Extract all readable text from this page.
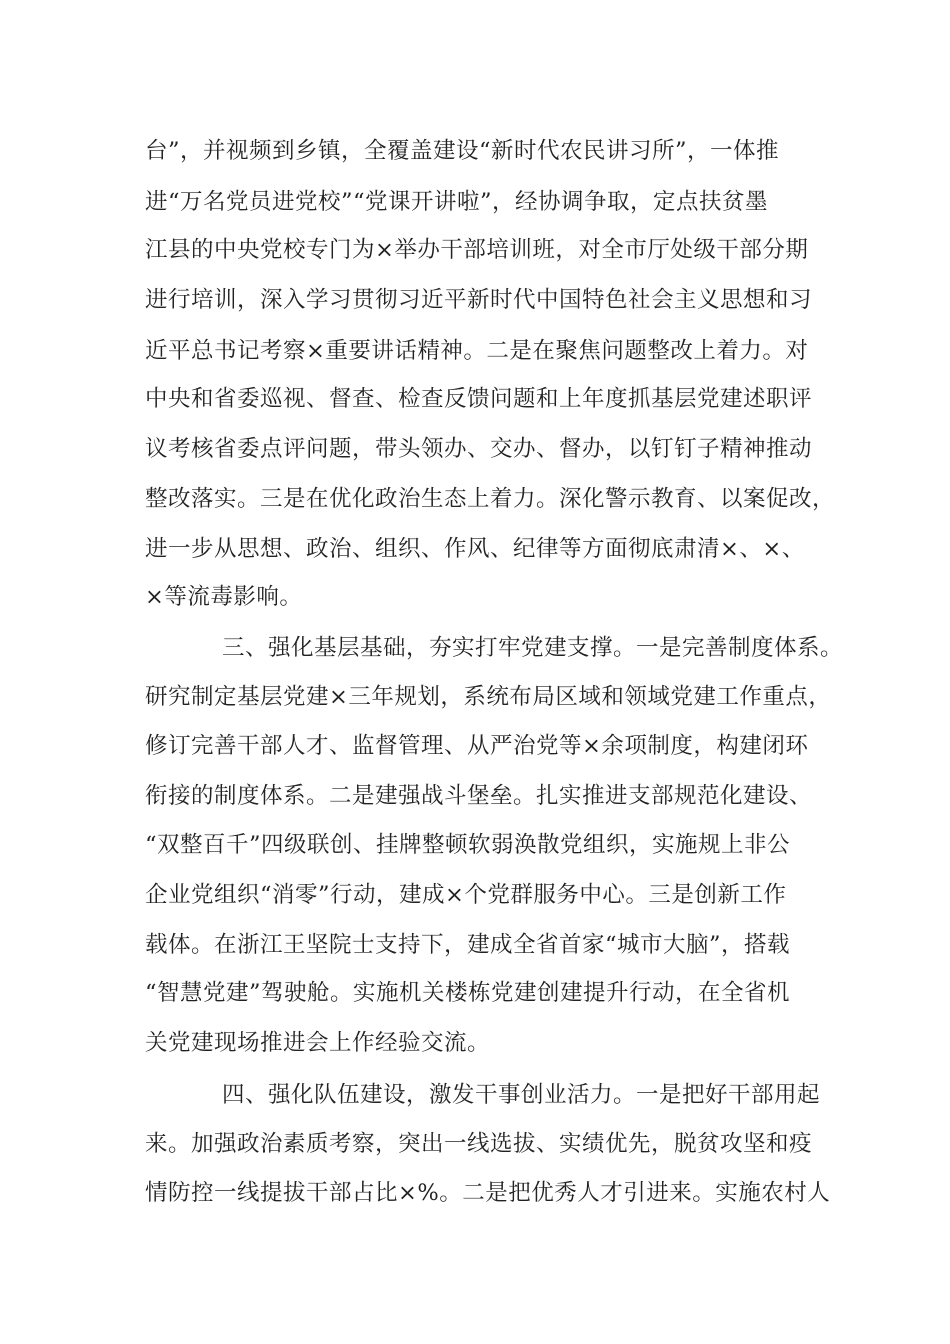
台”，并视频到乡镇，全覆盖建设“新时代农民讲习所”，一体推
进“万名党员进党校”“党课开讲啦”，经协调争取，定点扶贫墨
江县的中央党校专门为×举办干部培训班，对全市厅处级干部分期
进行培训，深入学习贯彻习近平新时代中国特色社会主义思想和习
近平总书记考察×重要讲话精神。二是在聚焦问题整改上着力。对
中央和省委巡视、督查、检查反馈问题和上年度抓基层党建述职评
议考核省委点评问题，带头领办、交办、督办，以钉钉子精神推动
整改落实。三是在优化政治生态上着力。深化警示教育、以案促改，
进一步从思想、政治、组织、作风、纪律等方面彻底肃清×、×、
×等流毒影响。
三、强化基层基础，夯实打牢党建支撑。一是完善制度体系。
研究制定基层党建×三年规划，系统布局区域和领域党建工作重点，
修订完善干部人才、监督管理、从严治党等×余项制度，构建闭环
衔接的制度体系。二是建强战斗堡垒。扎实推进支部规范化建设、
“双整百千”四级联创、挂牌整顿软弱涣散党组织，实施规上非公
企业党组织“消零”行动，建成×个党群服务中心。三是创新工作
载体。在浙江王坚院士支持下，建成全省首家“城市大脑”，搭载
“智慧党建”驾驶舱。实施机关楼栋党建创建提升行动，在全省机
关党建现场推进会上作经验交流。
四、强化队伍建设，激发干事创业活力。一是把好干部用起
来。加强政治素质考察，突出一线选拔、实绩优先，脱贫攻坚和疫
情防控一线提拔干部占比×%。二是把优秀人才引进来。实施农村人
